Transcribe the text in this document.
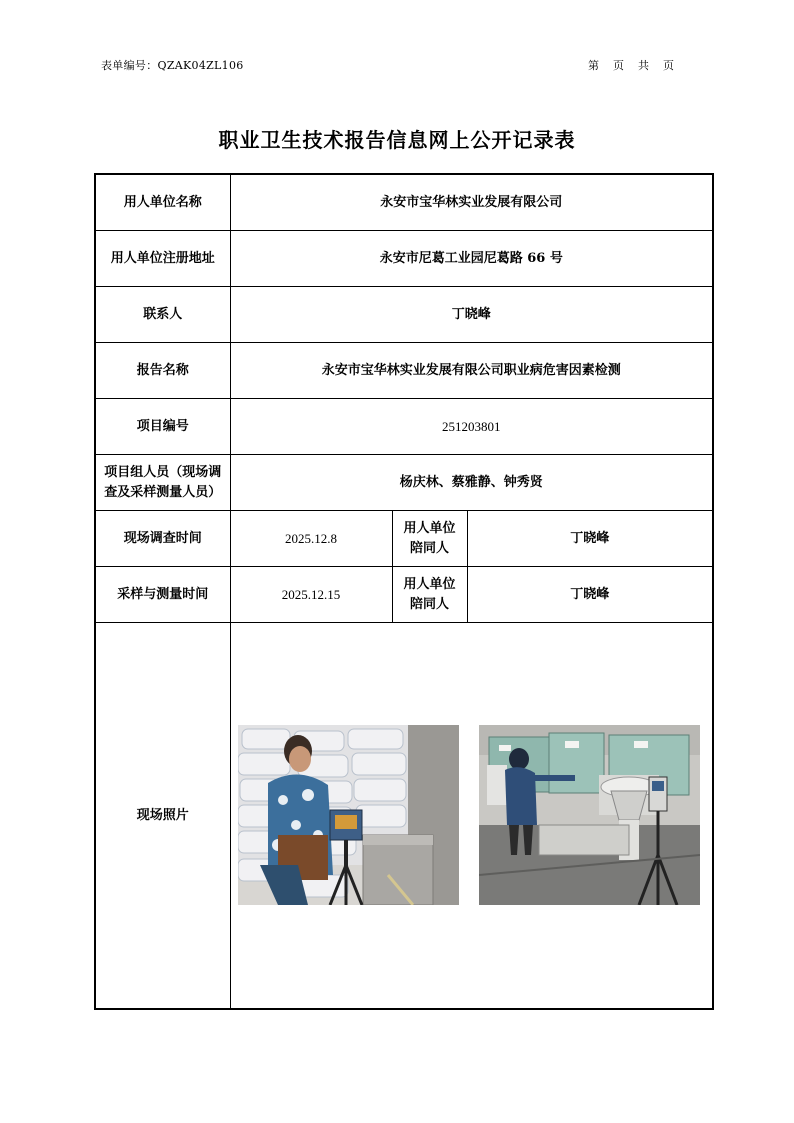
表单编号：QZAK04ZL106	第 页 共 页
职业卫生技术报告信息网上公开记录表
用人单位名称	永安市宝华林实业发展有限公司		
用人单位注册地址	永安市尼葛工业园尼葛路 66 号		
联系人	丁晓峰		
报告名称	永安市宝华林实业发展有限公司职业病危害因素检测		
项目编号	251203801		
项目组人员（现场调查及采样测量人员）	杨庆林、蔡雅静、钟秀贤		
现场调查时间	2025.12.8	用人单位陪同人	丁晓峰
采样与测量时间	2025.12.15	用人单位陪同人	丁晓峰
现场照片	
